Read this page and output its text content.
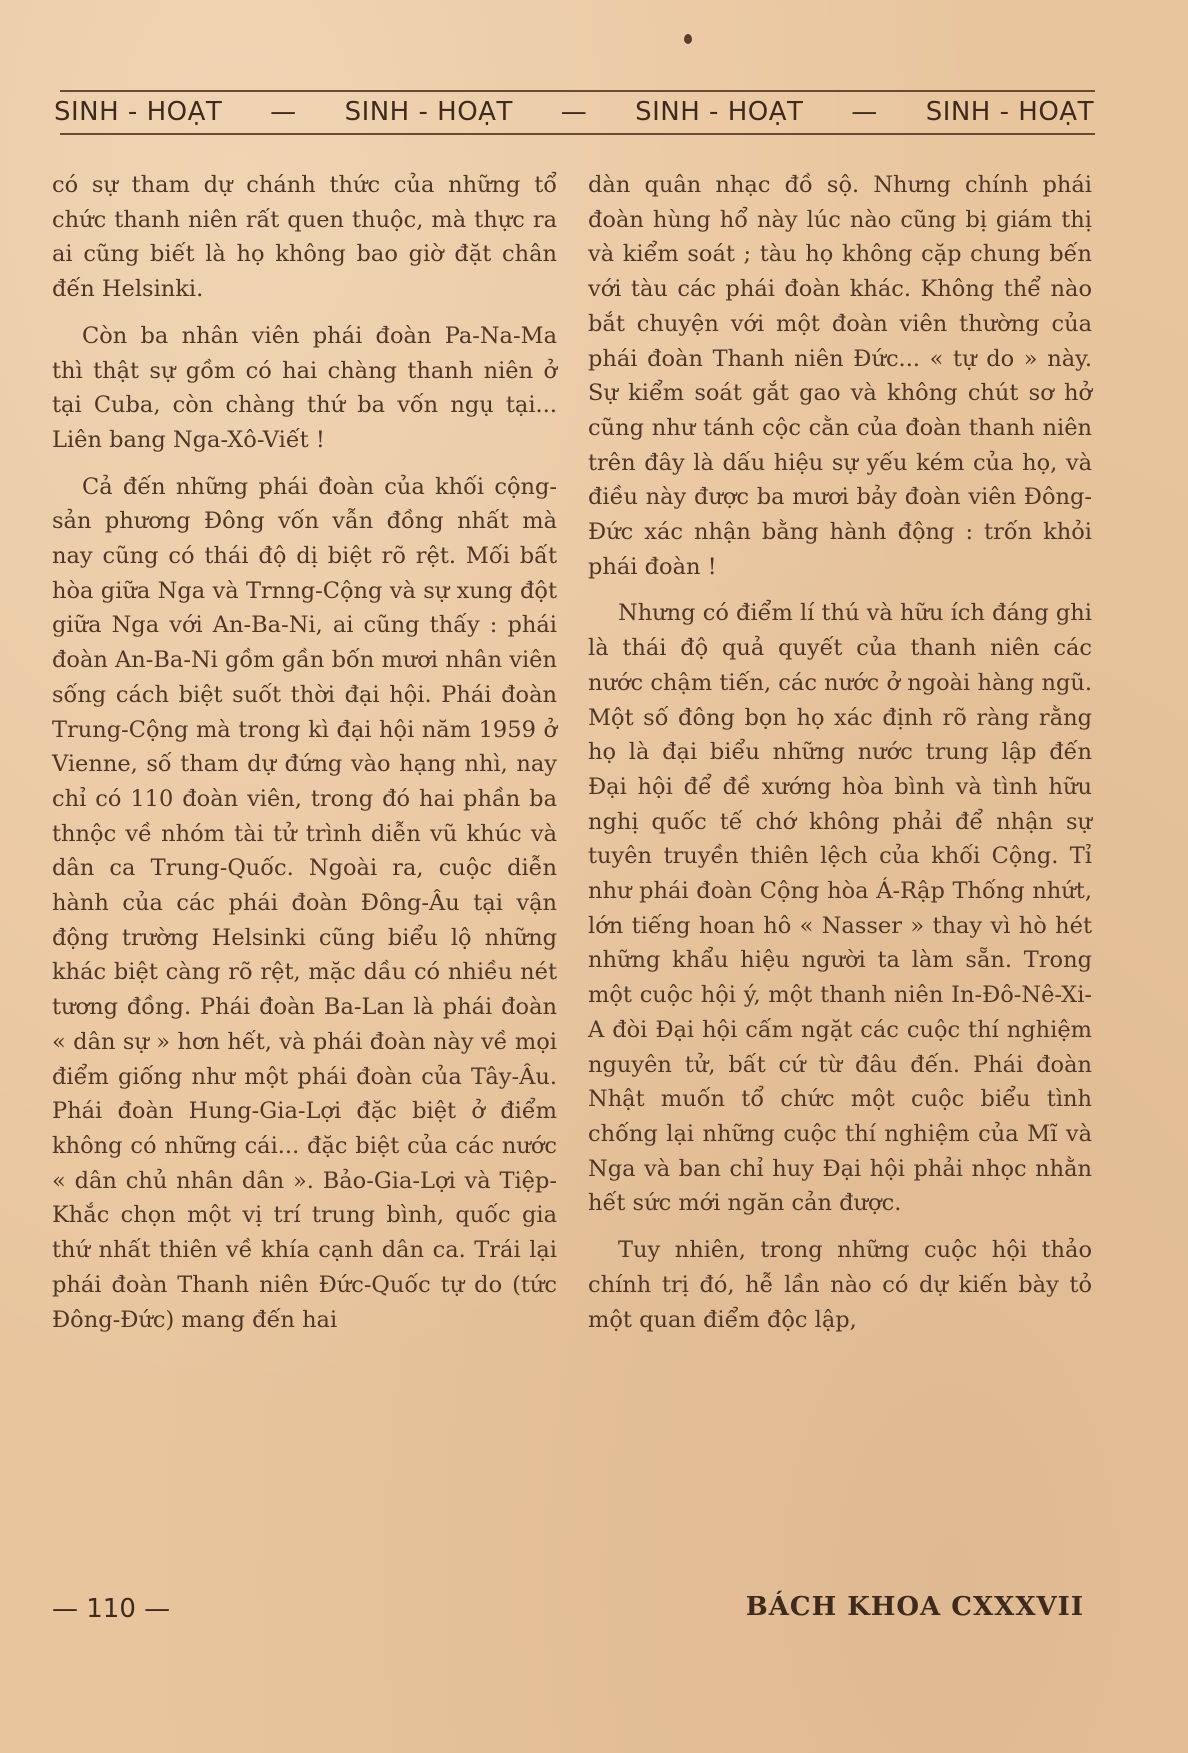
SINH - HOẠT — SINH - HOẠT — SINH - HOẠT — SINH - HOẠT

có sự tham dự chánh thức của những tổ chức thanh niên rất quen thuộc, mà thực ra ai cũng biết là họ không bao giờ đặt chân đến Helsinki.

Còn ba nhân viên phái đoàn Pa-Na-Ma thì thật sự gồm có hai chàng thanh niên ở tại Cuba, còn chàng thứ ba vốn ngụ tại... Liên bang Nga-Xô-Viết !

Cả đến những phái đoàn của khối cộng-sản phương Đông vốn vẫn đồng nhất mà nay cũng có thái độ dị biệt rõ rệt. Mối bất hòa giữa Nga và Trnng-Cộng và sự xung đột giữa Nga với An-Ba-Ni, ai cũng thấy : phái đoàn An-Ba-Ni gồm gần bốn mươi nhân viên sống cách biệt suốt thời đại hội. Phái đoàn Trung-Cộng mà trong kì đại hội năm 1959 ở Vienne, số tham dự đứng vào hạng nhì, nay chỉ có 110 đoàn viên, trong đó hai phần ba thnộc về nhóm tài tử trình diễn vũ khúc và dân ca Trung-Quốc. Ngoài ra, cuộc diễn hành của các phái đoàn Đông-Âu tại vận động trường Helsinki cũng biểu lộ những khác biệt càng rõ rệt, mặc dầu có nhiều nét tương đồng. Phái đoàn Ba-Lan là phái đoàn « dân sự » hơn hết, và phái đoàn này về mọi điểm giống như một phái đoàn của Tây-Âu. Phái đoàn Hung-Gia-Lợi đặc biệt ở điểm không có những cái... đặc biệt của các nước « dân chủ nhân dân ». Bảo-Gia-Lợi và Tiệp-Khắc chọn một vị trí trung bình, quốc gia thứ nhất thiên về khía cạnh dân ca. Trái lại phái đoàn Thanh niên Đức-Quốc tự do (tức Đông-Đức) mang đến hai

dàn quân nhạc đồ sộ. Nhưng chính phái đoàn hùng hổ này lúc nào cũng bị giám thị và kiểm soát ; tàu họ không cặp chung bến với tàu các phái đoàn khác. Không thể nào bắt chuyện với một đoàn viên thường của phái đoàn Thanh niên Đức... « tự do » này. Sự kiểm soát gắt gao và không chút sơ hở cũng như tánh cộc cằn của đoàn thanh niên trên đây là dấu hiệu sự yếu kém của họ, và điều này được ba mươi bảy đoàn viên Đông-Đức xác nhận bằng hành động : trốn khỏi phái đoàn !

Nhưng có điểm lí thú và hữu ích đáng ghi là thái độ quả quyết của thanh niên các nước chậm tiến, các nước ở ngoài hàng ngũ. Một số đông bọn họ xác định rõ ràng rằng họ là đại biểu những nước trung lập đến Đại hội để đề xướng hòa bình và tình hữu nghị quốc tế chớ không phải để nhận sự tuyên truyền thiên lệch của khối Cộng. Tỉ như phái đoàn Cộng hòa Á-Rập Thống nhứt, lớn tiếng hoan hô « Nasser » thay vì hò hét những khẩu hiệu người ta làm sẵn. Trong một cuộc hội ý, một thanh niên In-Đô-Nê-Xi-A đòi Đại hội cấm ngặt các cuộc thí nghiệm nguyên tử, bất cứ từ đâu đến. Phái đoàn Nhật muốn tổ chức một cuộc biểu tình chống lại những cuộc thí nghiệm của Mĩ và Nga và ban chỉ huy Đại hội phải nhọc nhằn hết sức mới ngăn cản được.

Tuy nhiên, trong những cuộc hội thảo chính trị đó, hễ lần nào có dự kiến bày tỏ một quan điểm độc lập,

— 110 —	BÁCH KHOA CXXXVII
